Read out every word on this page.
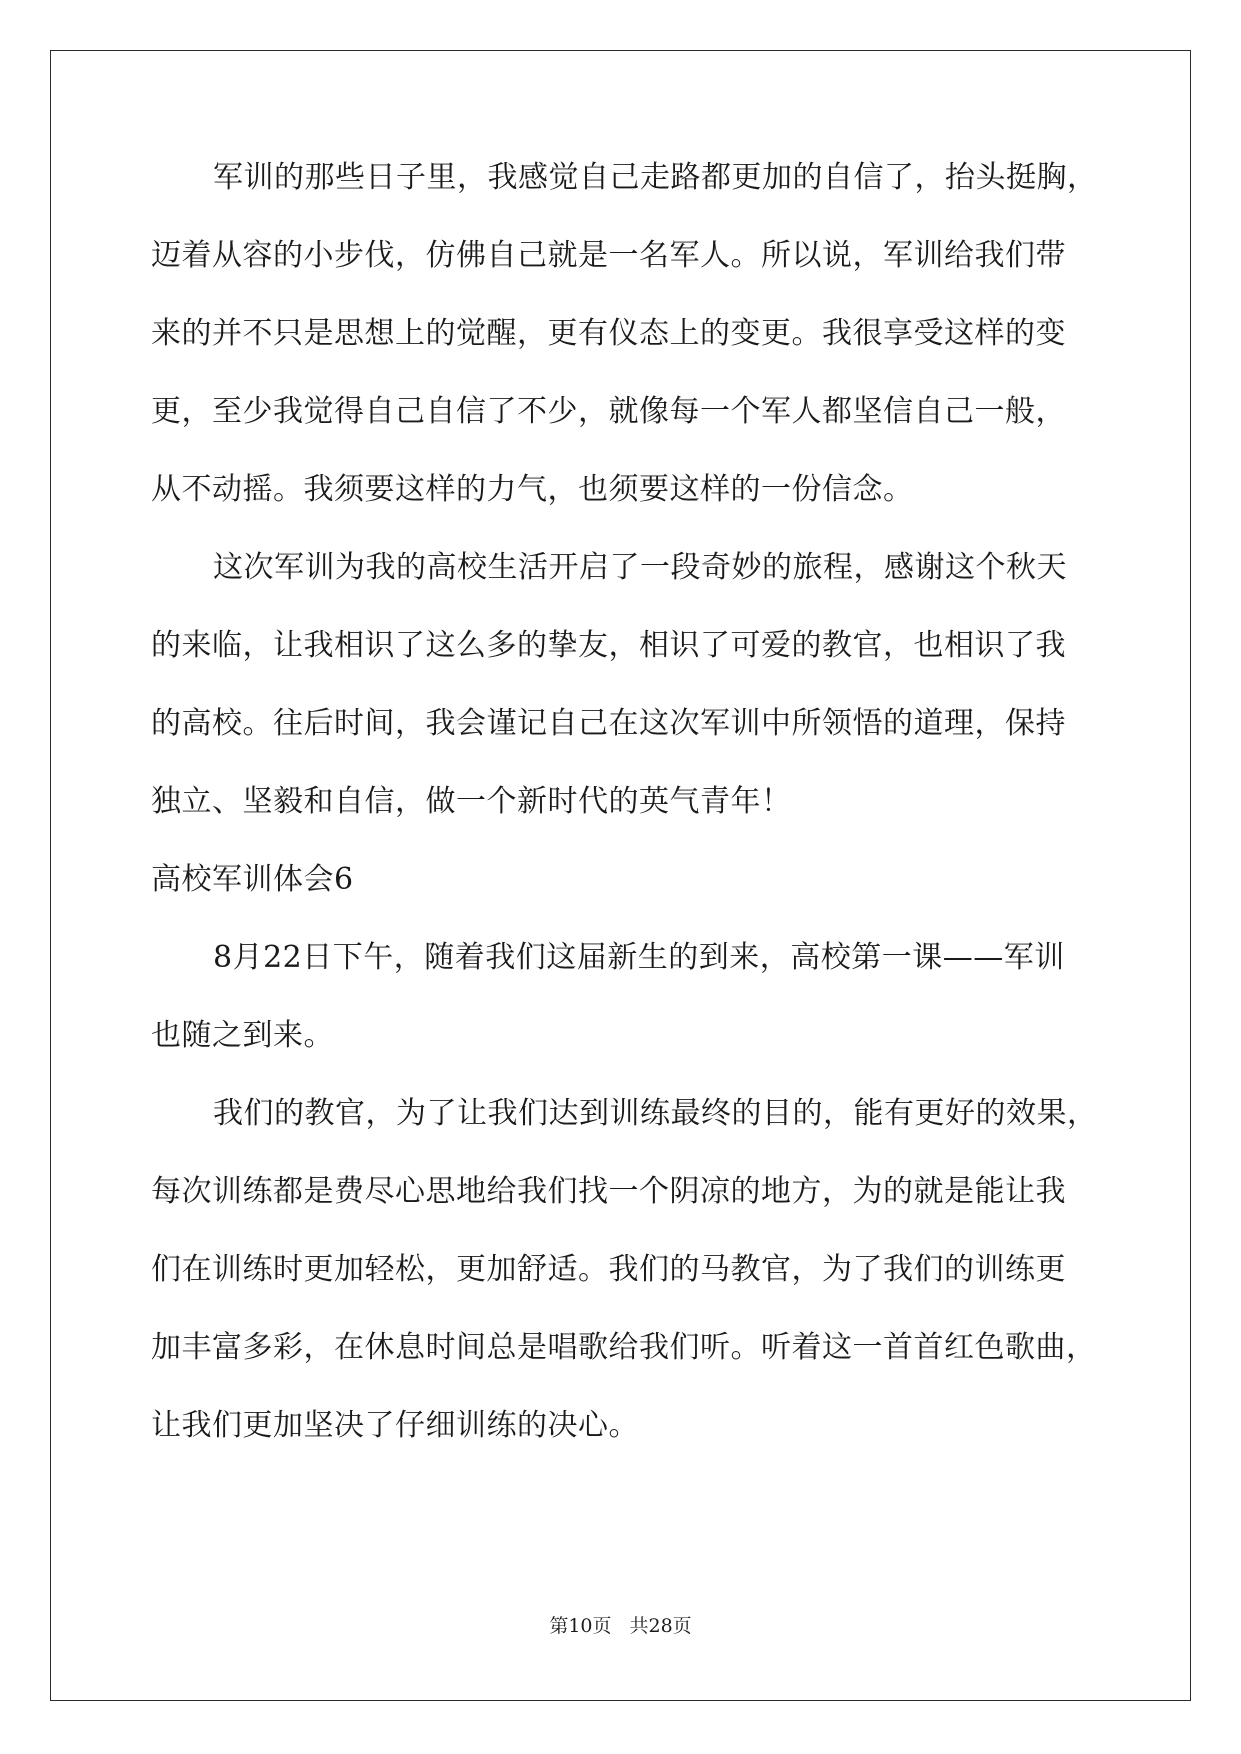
军训的那些日子里，我感觉自己走路都更加的自信了，抬头挺胸，
迈着从容的小步伐，仿佛自己就是一名军人。所以说，军训给我们带
来的并不只是思想上的觉醒，更有仪态上的变更。我很享受这样的变
更，至少我觉得自己自信了不少，就像每一个军人都坚信自己一般，
从不动摇。我须要这样的力气，也须要这样的一份信念。
这次军训为我的高校生活开启了一段奇妙的旅程，感谢这个秋天
的来临，让我相识了这么多的挚友，相识了可爱的教官，也相识了我
的高校。往后时间，我会谨记自己在这次军训中所领悟的道理，保持
独立、坚毅和自信，做一个新时代的英气青年！
高校军训体会6
8月22日下午，随着我们这届新生的到来，高校第一课——军训
也随之到来。
我们的教官，为了让我们达到训练最终的目的，能有更好的效果，
每次训练都是费尽心思地给我们找一个阴凉的地方，为的就是能让我
们在训练时更加轻松，更加舒适。我们的马教官，为了我们的训练更
加丰富多彩，在休息时间总是唱歌给我们听。听着这一首首红色歌曲，
让我们更加坚决了仔细训练的决心。
第10页 共28页
